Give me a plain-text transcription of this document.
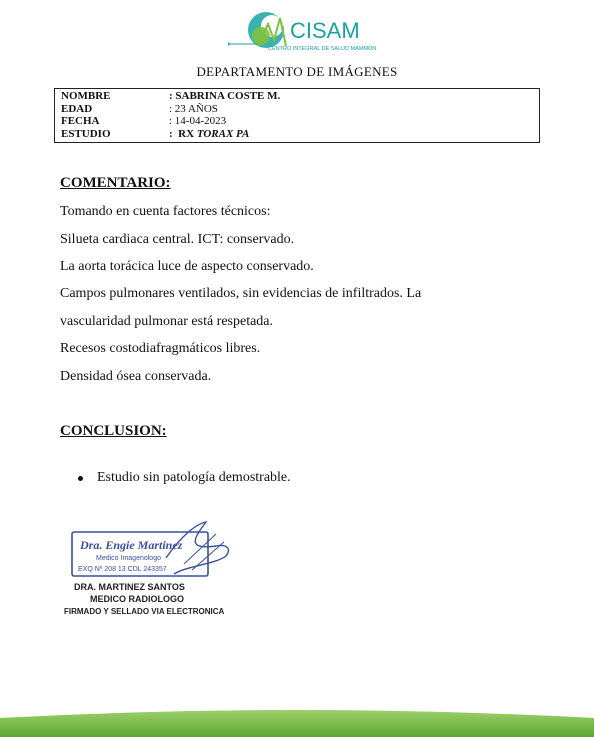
CISAM
CENTRO INTEGRAL DE SALUD MAMMÓN
DEPARTAMENTO DE IMÁGENES
NOMBRE	: SABRINA COSTE M.
EDAD	: 23 AÑOS
FECHA	: 14-04-2023
ESTUDIO	:  RX TORAX PA
COMENTARIO:
Tomando en cuenta factores técnicos:
Silueta cardiaca central. ICT: conservado.
La aorta torácica luce de aspecto conservado.
Campos pulmonares ventilados, sin evidencias de infiltrados. La
vascularidad pulmonar está respetada.
Recesos costodiafragmáticos libres.
Densidad ósea conservada.
CONCLUSION:
Estudio sin patología demostrable.
Dra. Engie Martinez
Medico Imagenologo
EXQ Nº 208 13 CDL 243357
DRA. MARTINEZ SANTOS
MEDICO RADIOLOGO
FIRMADO Y SELLADO VIA ELECTRONICA
